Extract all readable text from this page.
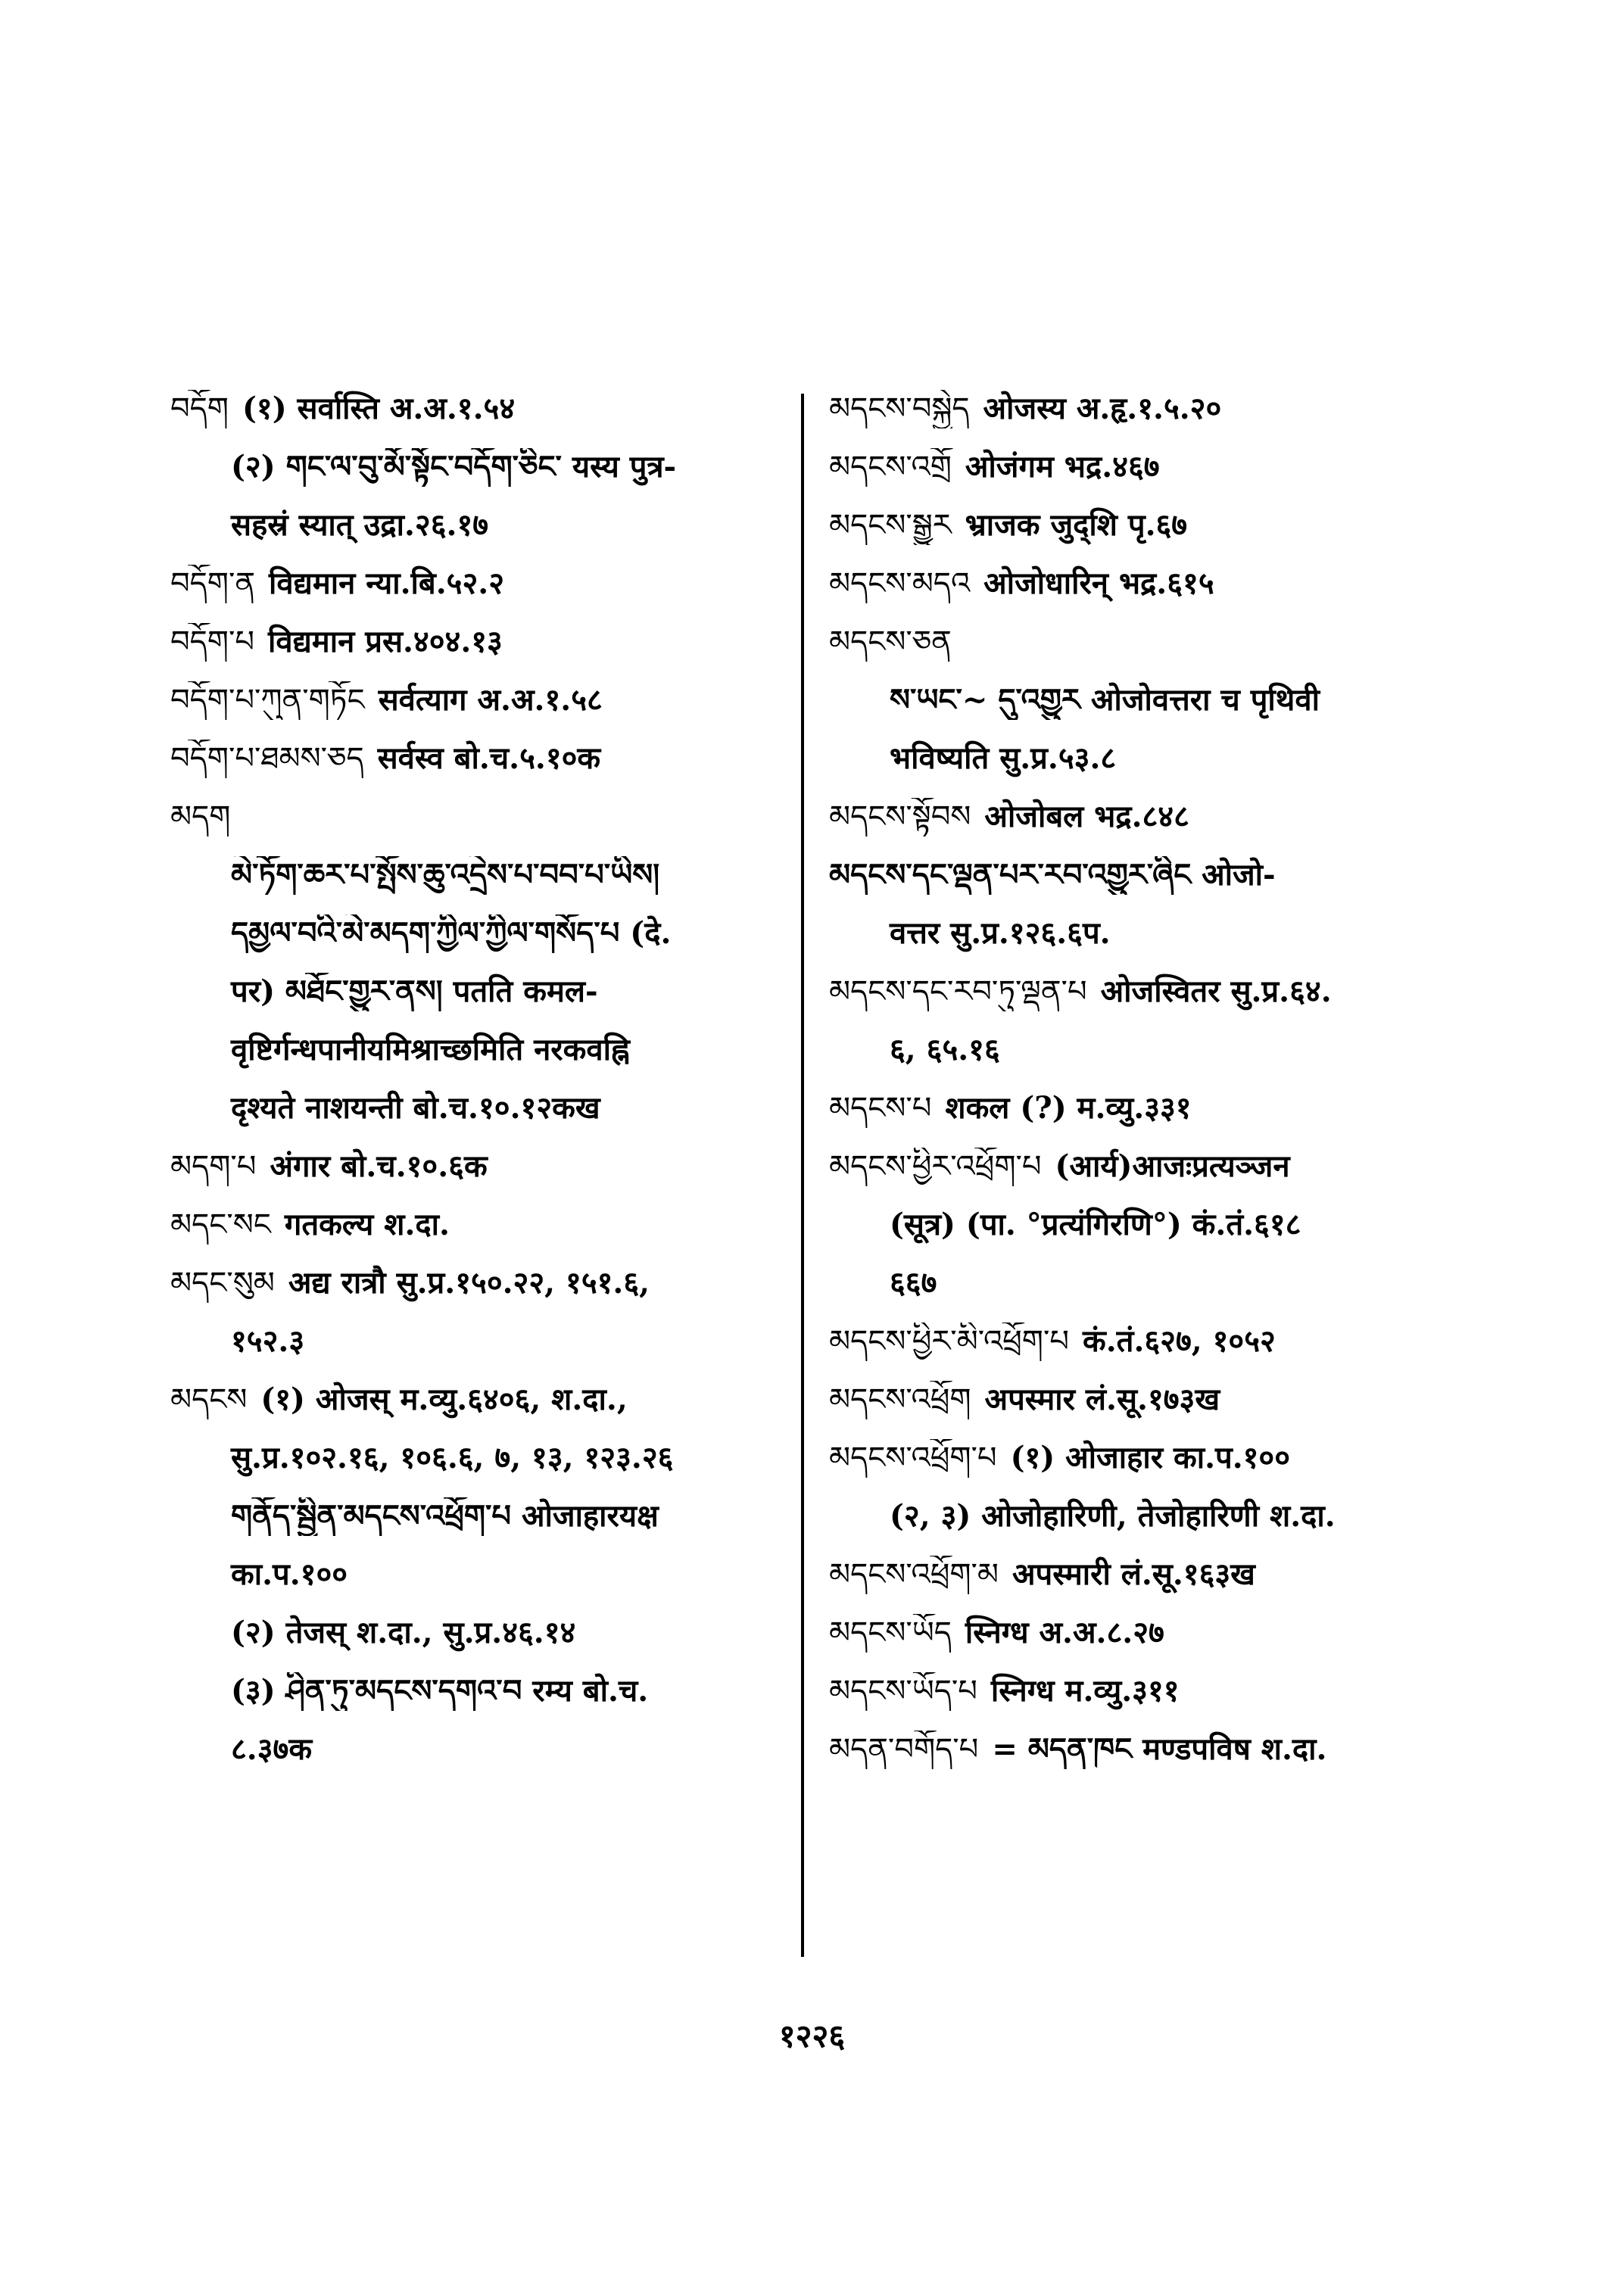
བདོག (१) सर्वास्ति अ.अ.१.५४
(२) གང་ལ་བུ་མོ་སྟོང་བདོག་ཅིང་ यस्य पुत्र-
सहस्रं स्यात् उद्रा.२६.१७
བདོག་ན विद्यमान न्या.बि.५२.२
བདོག་པ विद्यमान प्रस.४०४.१३
བདོག་པ་ཀུན་གཏོང सर्वत्याग अ.अ.१.५८
བདོག་པ་ཐམས་ཅད सर्वस्व बो.च.५.१०क
མདག
མེ་ཏོག་ཆར་པ་སྤོས་ཆུ་འདྲེས་པ་བབ་པ་ཡིས།
དམྱལ་བའི་མེ་མདག་ཀྱིལ་ཀྱིལ་གསོད་པ (दे.
पर) མཐོང་གྱུར་ནས། पतति कमल-
वृष्टिर्गन्धपानीयमिश्राच्छमिति नरकवह्नि
दृश्यते नाशयन्ती बो.च.१०.१२कख
མདག་པ अंगार बो.च.१०.६क
མདང་སང गतकल्य श.दा.
མདང་སུམ अद्य रात्रौ सु.प्र.१५०.२२, १५१.६,
१५२.३
མདངས (१) ओजस् म.व्यु.६४०६, श.दा.,
सु.प्र.१०२.१६, १०६.६, ७, १३, १२३.२६
གནོད་སྦྱིན་མདངས་འཕྲོག་པ ओजाहारयक्ष
का.प.१००
(२) तेजस् श.दा., सु.प्र.४६.१४
(३) ཤིན་ཏུ་མདངས་དགའ་བ रम्य बो.च.
८.३७क
མདངས་བསྐྱེད ओजस्य अ.हृ.१.५.२०
མདངས་འགྲོ ओजंगम भद्र.४६७
མདངས་སྒྱུར भ्राजक जुद्शि पृ.६७
མདངས་མདའ ओजोधारिन् भद्र.६१५
མདངས་ཅན
ས་ཡང་~ དུ་འགྱུར ओजोवत्तरा च पृथिवी
भविष्यति सु.प्र.५३.८
མདངས་སྟོབས ओजोबल भद्र.८४८
མདངས་དང་ལྡན་པར་རབ་འགྱུར་ཞིང ओजो-
वत्तर सु.प्र.१२६.६प.
མདངས་དང་རབ་ཏུ་ལྡན་པ ओजस्वितर सु.प्र.६४.
६, ६५.१६
མདངས་པ शकल (?) म.व्यु.३३१
མདངས་ཕྱིར་འཕྲོག་པ (आर्य)आजःप्रत्यञ्जन
(सूत्र) (पा. °प्रत्यंगिरणि°) कं.तं.६१८
६६७
མདངས་ཕྱིར་མི་འཕྲོག་པ कं.तं.६२७, १०५२
མདངས་འཕྲོག अपस्मार लं.सू.१७३ख
མདངས་འཕྲོག་པ (१) ओजाहार का.प.१००
(२, ३) ओजोहारिणी, तेजोहारिणी श.दा.
མདངས་འཕྲོག་མ अपस्मारी लं.सू.१६३ख
མདངས་ཡོད स्निग्ध अ.अ.८.२७
མདངས་ཡོད་པ स्निग्ध म.व्यु.३११
མདན་བགོད་པ = མདན་ཁང मण्डपविष श.दा.
१२२६
